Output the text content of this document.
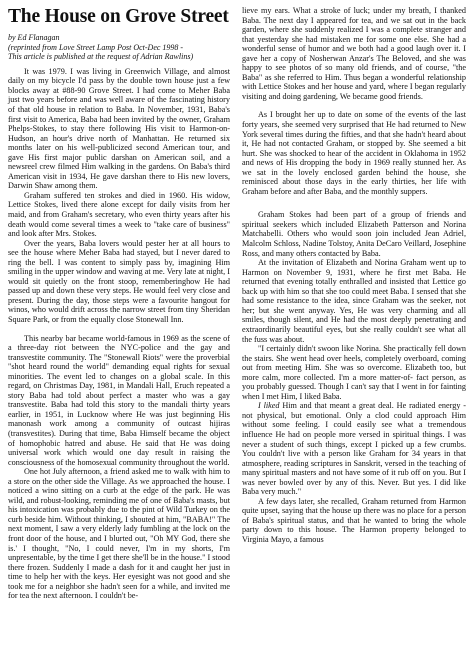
The House on Grove Street
by Ed Flanagan
(reprinted from Love Street Lamp Post Oct-Dec 1998 -
This article is published at the request of Adrian Rawlins)

It was 1979. I was living in Greenwich Village, and almost daily on my bicycle I'd pass by the double town house just a few blocks away at #88-90 Grove Street. I had come to Meher Baba just two years before and was well aware of the fascinating history of that old house in relation to Baba. In November, 1931, Baba's first visit to America, Baba had been invited by the owner, Graham Phelps-Stokes, to stay there following His visit to Harmon-on-Hudson, an hour's drive north of Manhattan. He returned six months later on his well-publicized second American tour, and gave His first major public darshan on American soil, and a newsreel crew filmed Him walking in the gardens. On Baba's third American visit in 1934, He gave darshan there to His new lovers, Darwin Shaw among them.

Graham suffered ten strokes and died in 1960. His widow, Lettice Stokes, lived there alone except for daily visits from her maid, and from Graham's secretary, who even thirty years after his death would come several times a week to "take care of business" and look after Mrs. Stokes.

Over the years, Baba lovers would pester her at all hours to see the house where Meher Baba had stayed, but I never dared to ring the bell. I was content to simply pass by, imagining Him smiling in the upper window and waving at me. Very late at night, I would sit quietly on the front stoop, rememberinghow He had passed up and down these very steps. He would feel very close and present. During the day, those steps were a favourite hangout for winos, who would drift across the narrow street from tiny Sheridan Square Park, or from the equally close Stonewall Inn.

This nearby bar became world-famous in 1969 as the scene of a three-day riot between the NYC-police and the gay and transvestite community. The "Stonewall Riots" were the proverbial "shot heard round the world" demanding equal rights for sexual minorities. The event led to changes on a global scale. In this regard, on Christmas Day, 1981, in Mandali Hall, Eruch repeated a story Baba had told about perfect a master who was a gay transvestite. Baba had told this story to the mandali thirty years earlier, in 1951, in Lucknow where He was just beginning His manonash work among a community of outcast hijiras (transvestites). During that time, Baba Himself became the object of homophobic hatred and abuse. He said that He was doing universal work which would one day result in raising the consciousness of the homosexual community throughout the world.

One hot July afternoon, a friend asked me to walk with him to a store on the other side the Village. As we approached the house. I noticed a wino sitting on a curb at the edge of the park. He was wild, and robust-looking, reminding me of one of Baba's masts, but his intoxication was probably due to the pint of Wild Turkey on the curb beside him. Without thinking, I shouted at him, "BABA!" The next moment, I saw a very elderly lady fumbling at the lock on the front door of the house, and I blurted out, "Oh MY God, there she is.' I thought, "No, I could never, I'm in my shorts, I'm unpresentable, by the time I get there she'll be in the house." I stood there frozen. Suddenly I made a dash for it and caught her just in time to help her with the keys. Her eyesight was not good and she took me for a neighbor she hadn't seen for a while, and invited me for tea the next afternoon. I couldn't be-

lieve my ears. What a stroke of luck; under my breath, I thanked Baba. The next day I appeared for tea, and we sat out in the back garden, where she suddenly realized I was a complete stranger and that yesterday she had mistaken me for some one else. She had a wonderful sense of humor and we both had a good laugh over it. I gave her a copy of Nosherwan Anzar's The Beloved, and she was happy to see photos of so many old friends, and of course, "the Baba" as she referred to Him. Thus began a wonderful relationship with Lettice Stokes and her house and yard, where I began regularly visiting and doing gardening, We became good friends.

As I brought her up to date on some of the events of the last forty years, she seemed very surprised that He had returned to New York several times during the fifties, and that she hadn't heard about it, He had not contacted Graham, or stopped by. She seemed a bit hurt. She was shocked to hear of the accident in Oklahoma in 1952 and news of His dropping the body in 1969 really stunned her. As we sat in the lovely enclosed garden behind the house, she reminisced about those days in the early thirties, her life with Graham before and after Baba, and the monthly suppers.

Graham Stokes had been part of a group of friends and spiritual seekers which included Elizabeth Patterson and Norina Matchabelli. Others who would soon join included Jean Adriel, Malcolm Schloss, Nadine Tolstoy, Anita DeCaro Veillard, Josephine Ross, and many others contacted by Baba.

At the invitation of Elizabeth and Norina Graham went up to Harmon on November 9, 1931, where he first met Baba. He returned that evening totally enthralled and insisted that Lettice go back up with him so that she too could meet Baba. I sensed that she had some resistance to the idea, since Graham was the seeker, not her; but she went anyway. Yes, He was very charming and all smiles, though silent, and He had the most deeply penetrating and extraordinarily beautiful eyes, but she really couldn't see what all the fuss was about.

"I certainly didn't swoon like Norina. She practically fell down the stairs. She went head over heels, completely overboard, coming out from meeting Him. She was so overcome. Elizabeth too, but more calm, more collected. I'm a more matter-of- fact person, as you probably guessed. Though I can't say that I went in for fainting when I met Him, I liked Baba.

I liked Him and that meant a great deal. He radiated energy - not physical, but emotional. Only a clod could approach Him without some feeling. I could easily see what a tremendous influence He had on people more versed in spiritual things. I was never a student of such things, except I picked up a few crumbs. You couldn't live with a person like Graham for 34 years in that atmosphere, reading scriptures in Sanskrit, versed in the teaching of many spiritual masters and not have some of it rub off on you. But I was never bowled over by any of this. Never. But yes. I did like Baba very much."

A few days later, she recalled, Graham returned from Harmon quite upset, saying that the house up there was no place for a person of Baba's spiritual status, and that he wanted to bring the whole party down to this house. The Harmon property belonged to Virginia Mayo, a famous
